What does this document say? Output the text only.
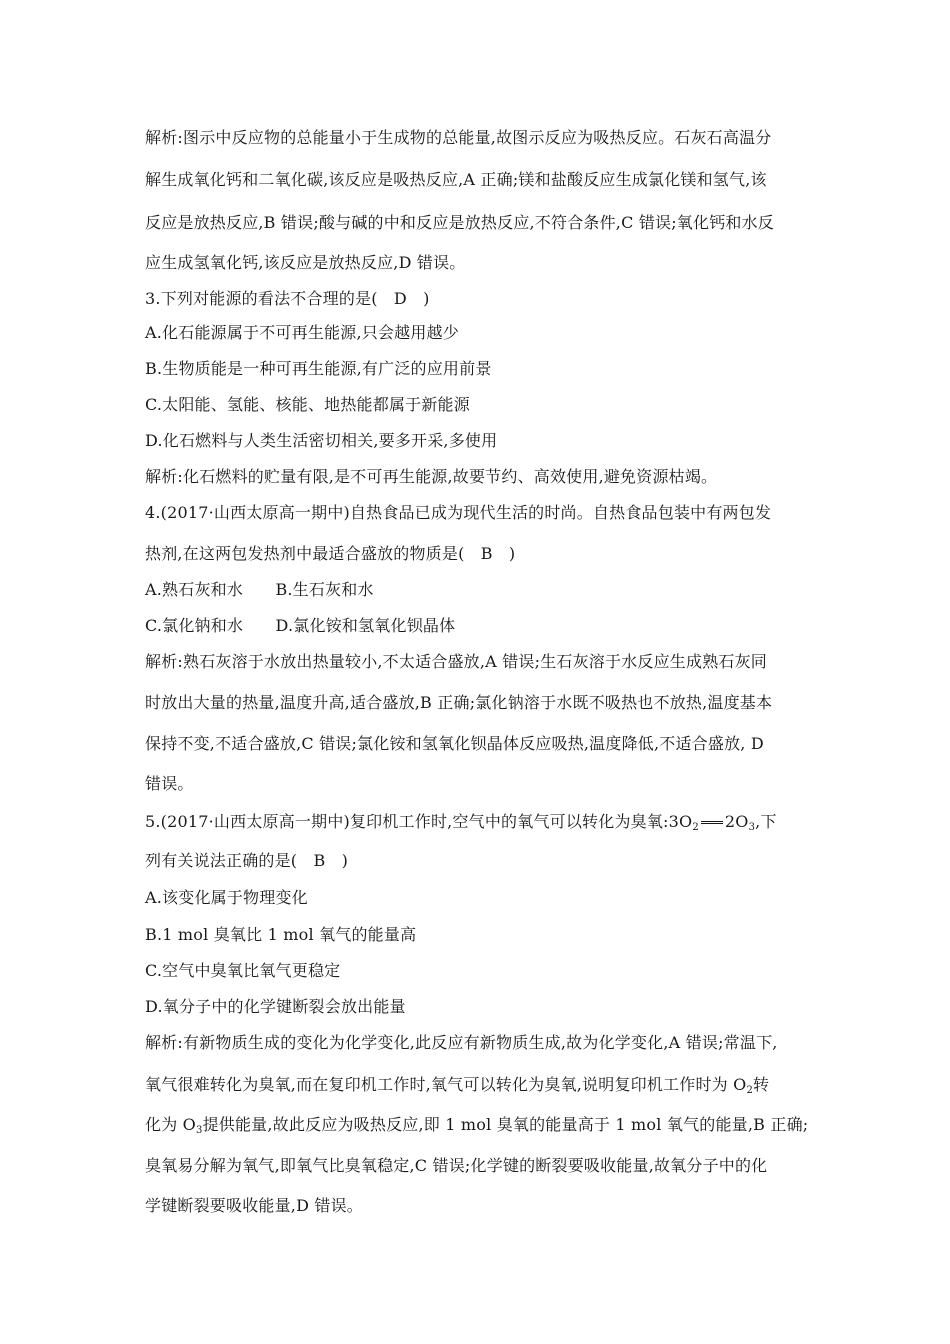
解析:图示中反应物的总能量小于生成物的总能量,故图示反应为吸热反应。石灰石高温分
解生成氧化钙和二氧化碳,该反应是吸热反应,A 正确;镁和盐酸反应生成氯化镁和氢气,该
反应是放热反应,B 错误;酸与碱的中和反应是放热反应,不符合条件,C 错误;氧化钙和水反
应生成氢氧化钙,该反应是放热反应,D 错误。
3.下列对能源的看法不合理的是(　D　)
A.化石能源属于不可再生能源,只会越用越少
B.生物质能是一种可再生能源,有广泛的应用前景
C.太阳能、氢能、核能、地热能都属于新能源
D.化石燃料与人类生活密切相关,要多开采,多使用
解析:化石燃料的贮量有限,是不可再生能源,故要节约、高效使用,避免资源枯竭。
4.(2017·山西太原高一期中)自热食品已成为现代生活的时尚。自热食品包装中有两包发
热剂,在这两包发热剂中最适合盛放的物质是(　B　)
A.熟石灰和水　　B.生石灰和水
C.氯化钠和水　　D.氯化铵和氢氧化钡晶体
解析:熟石灰溶于水放出热量较小,不太适合盛放,A 错误;生石灰溶于水反应生成熟石灰同
时放出大量的热量,温度升高,适合盛放,B 正确;氯化钠溶于水既不吸热也不放热,温度基本
保持不变,不适合盛放,C 错误;氯化铵和氢氧化钡晶体反应吸热,温度降低,不适合盛放, D
错误。
5.(2017·山西太原高一期中)复印机工作时,空气中的氧气可以转化为臭氧$:3O_2$ $2O_3$,下
列有关说法正确的是(　B　)
A.该变化属于物理变化
B.1 mol 臭氧比 1 mol 氧气的能量高
C.空气中臭氧比氧气更稳定
D.氧分子中的化学键断裂会放出能量
解析:有新物质生成的变化为化学变化,此反应有新物质生成,故为化学变化,A 错误;常温下,
氧气很难转化为臭氧,而在复印机工作时,氧气可以转化为臭氧,说明复印机工作时为 $O_2$转
化为 $O_3$提供能量,故此反应为吸热反应,即 1 mol 臭氧的能量高于 1 mol 氧气的能量,B 正确;
臭氧易分解为氧气,即氧气比臭氧稳定,C 错误;化学键的断裂要吸收能量,故氧分子中的化
学键断裂要吸收能量,D 错误。
